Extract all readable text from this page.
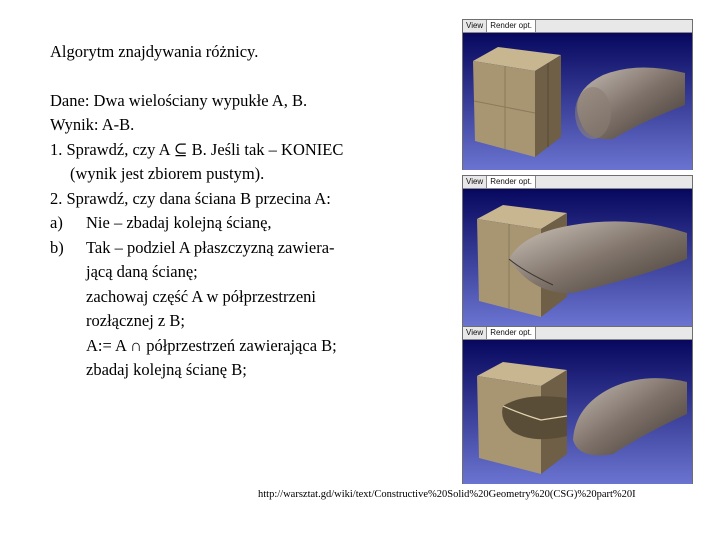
Algorytm znajdywania różnicy.
Dane: Dwa wielościany wypukłe A, B.
Wynik: A-B.
1. Sprawdź, czy A ⊆ B. Jeśli tak – KONIEC
(wynik jest zbiorem pustym).
2. Sprawdź, czy dana ściana B przecina A:
a)	Nie – zbadaj kolejną ścianę,
b)	Tak – podziel A płaszczyzną zawiera-
jącą daną ścianę;
zachowaj część A w półprzestrzeni
rozłącznej z B;
A:= A ∩ półprzestrzeń zawierająca B;
zbadaj kolejną ścianę B;
View Render opt.
View Render opt.
View Render opt.
http://warsztat.gd/wiki/text/Constructive%20Solid%20Geometry%20(CSG)%20part%20I
